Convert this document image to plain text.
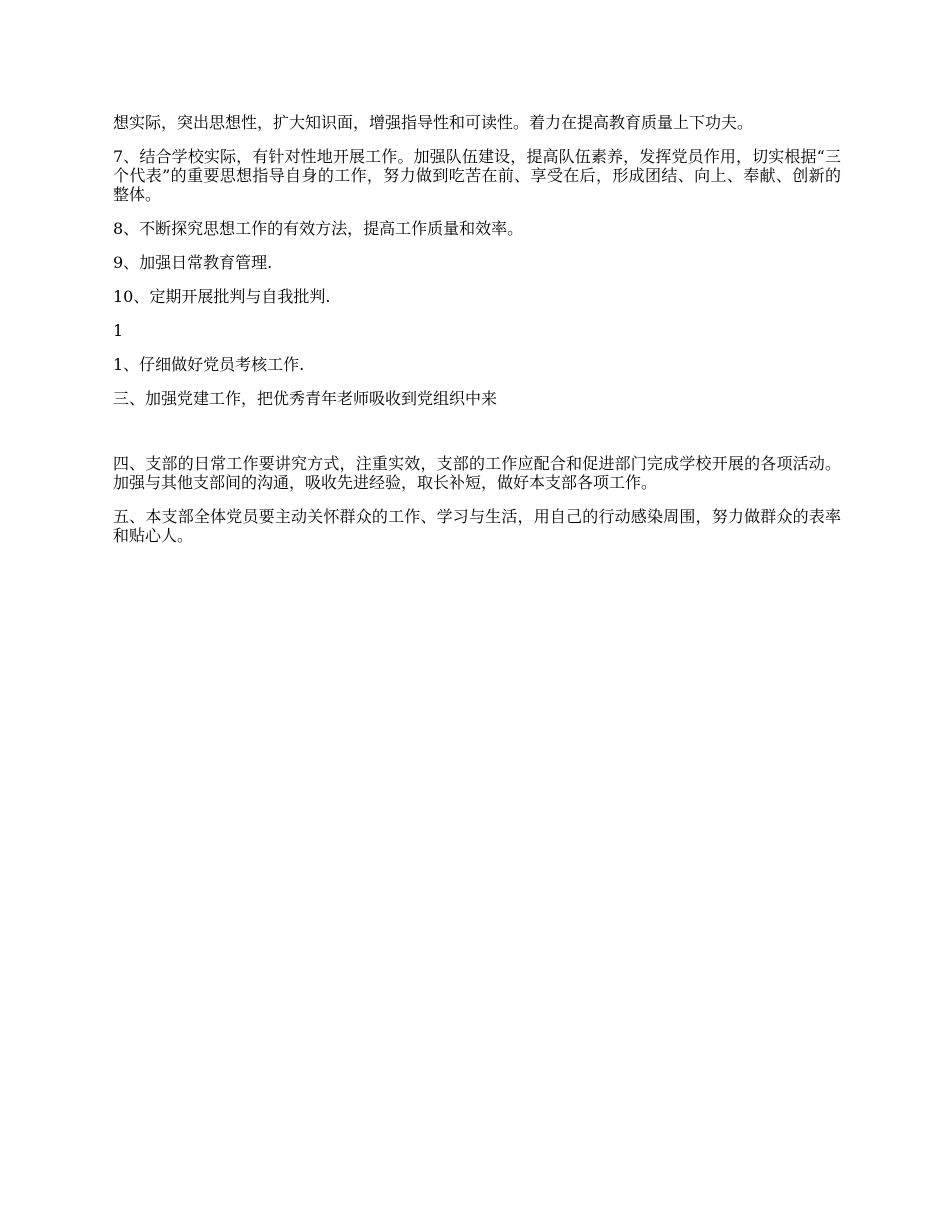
想实际，突出思想性，扩大知识面，增强指导性和可读性。着力在提高教育质量上下功夫。

7、结合学校实际，有针对性地开展工作。加强队伍建设，提高队伍素养，发挥党员作用，切实根据“三个代表”的重要思想指导自身的工作，努力做到吃苦在前、享受在后，形成团结、向上、奉献、创新的整体。

8、不断探究思想工作的有效方法，提高工作质量和效率。

9、加强日常教育管理.

10、定期开展批判与自我批判.

1

1、仔细做好党员考核工作.

三、加强党建工作，把优秀青年老师吸收到党组织中来

四、支部的日常工作要讲究方式，注重实效，支部的工作应配合和促进部门完成学校开展的各项活动。加强与其他支部间的沟通，吸收先进经验，取长补短，做好本支部各项工作。

五、本支部全体党员要主动关怀群众的工作、学习与生活，用自己的行动感染周围，努力做群众的表率和贴心人。
